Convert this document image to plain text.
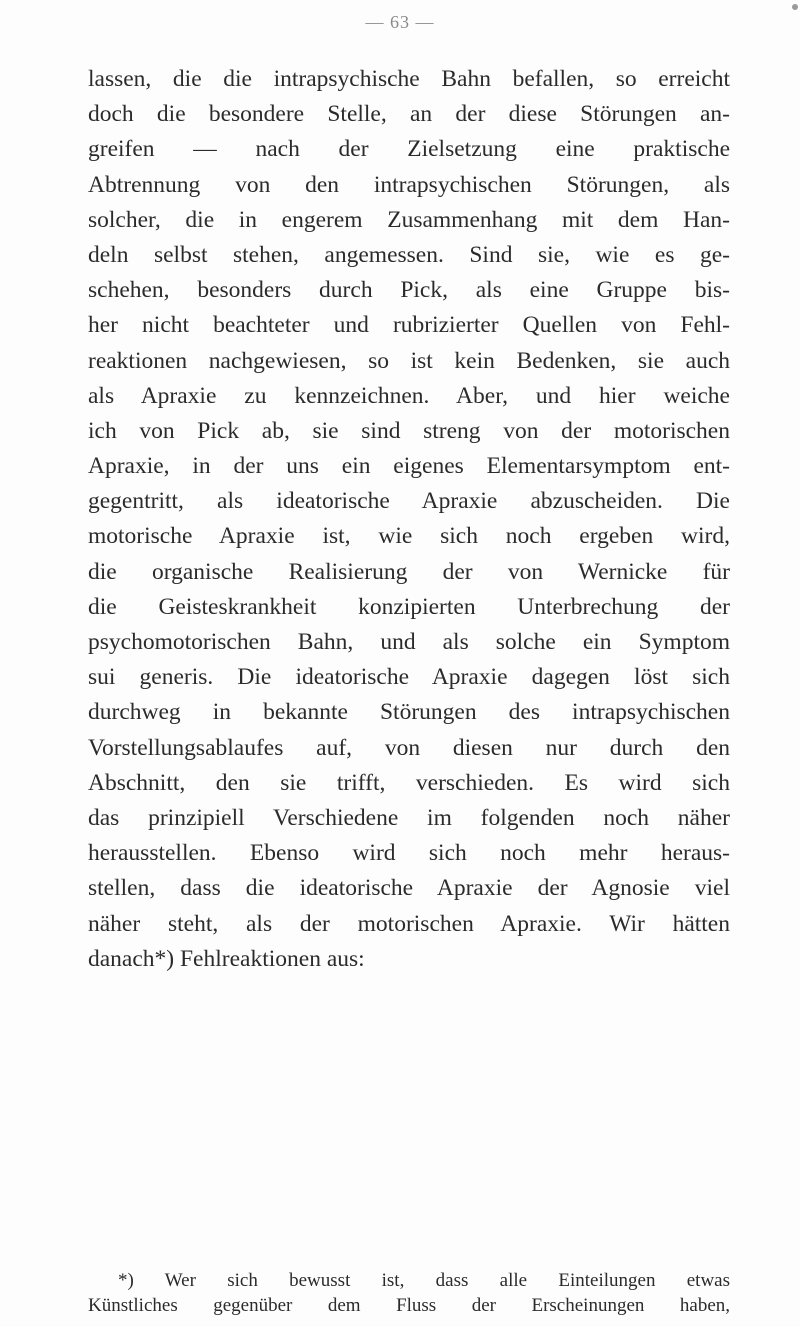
— 63 —
lassen, die die intrapsychische Bahn befallen, so erreicht
doch die besondere Stelle, an der diese Störungen an-
greifen — nach der Zielsetzung eine praktische
Abtrennung von den intrapsychischen Störungen, als
solcher, die in engerem Zusammenhang mit dem Han-
deln selbst stehen, angemessen. Sind sie, wie es ge-
schehen, besonders durch Pick, als eine Gruppe bis-
her nicht beachteter und rubrizierter Quellen von Fehl-
reaktionen nachgewiesen, so ist kein Bedenken, sie auch
als Apraxie zu kennzeichnen. Aber, und hier weiche
ich von Pick ab, sie sind streng von der motorischen
Apraxie, in der uns ein eigenes Elementarsymptom ent-
gegentritt, als ideatorische Apraxie abzuscheiden. Die
motorische Apraxie ist, wie sich noch ergeben wird,
die organische Realisierung der von Wernicke für
die Geisteskrankheit konzipierten Unterbrechung der
psychomotorischen Bahn, und als solche ein Symptom
sui generis. Die ideatorische Apraxie dagegen löst sich
durchweg in bekannte Störungen des intrapsychischen
Vorstellungsablaufes auf, von diesen nur durch den
Abschnitt, den sie trifft, verschieden. Es wird sich
das prinzipiell Verschiedene im folgenden noch näher
herausstellen. Ebenso wird sich noch mehr heraus-
stellen, dass die ideatorische Apraxie der Agnosie viel
näher steht, als der motorischen Apraxie. Wir hätten
danach*) Fehlreaktionen aus:
*) Wer sich bewusst ist, dass alle Einteilungen etwas
Künstliches gegenüber dem Fluss der Erscheinungen haben,
